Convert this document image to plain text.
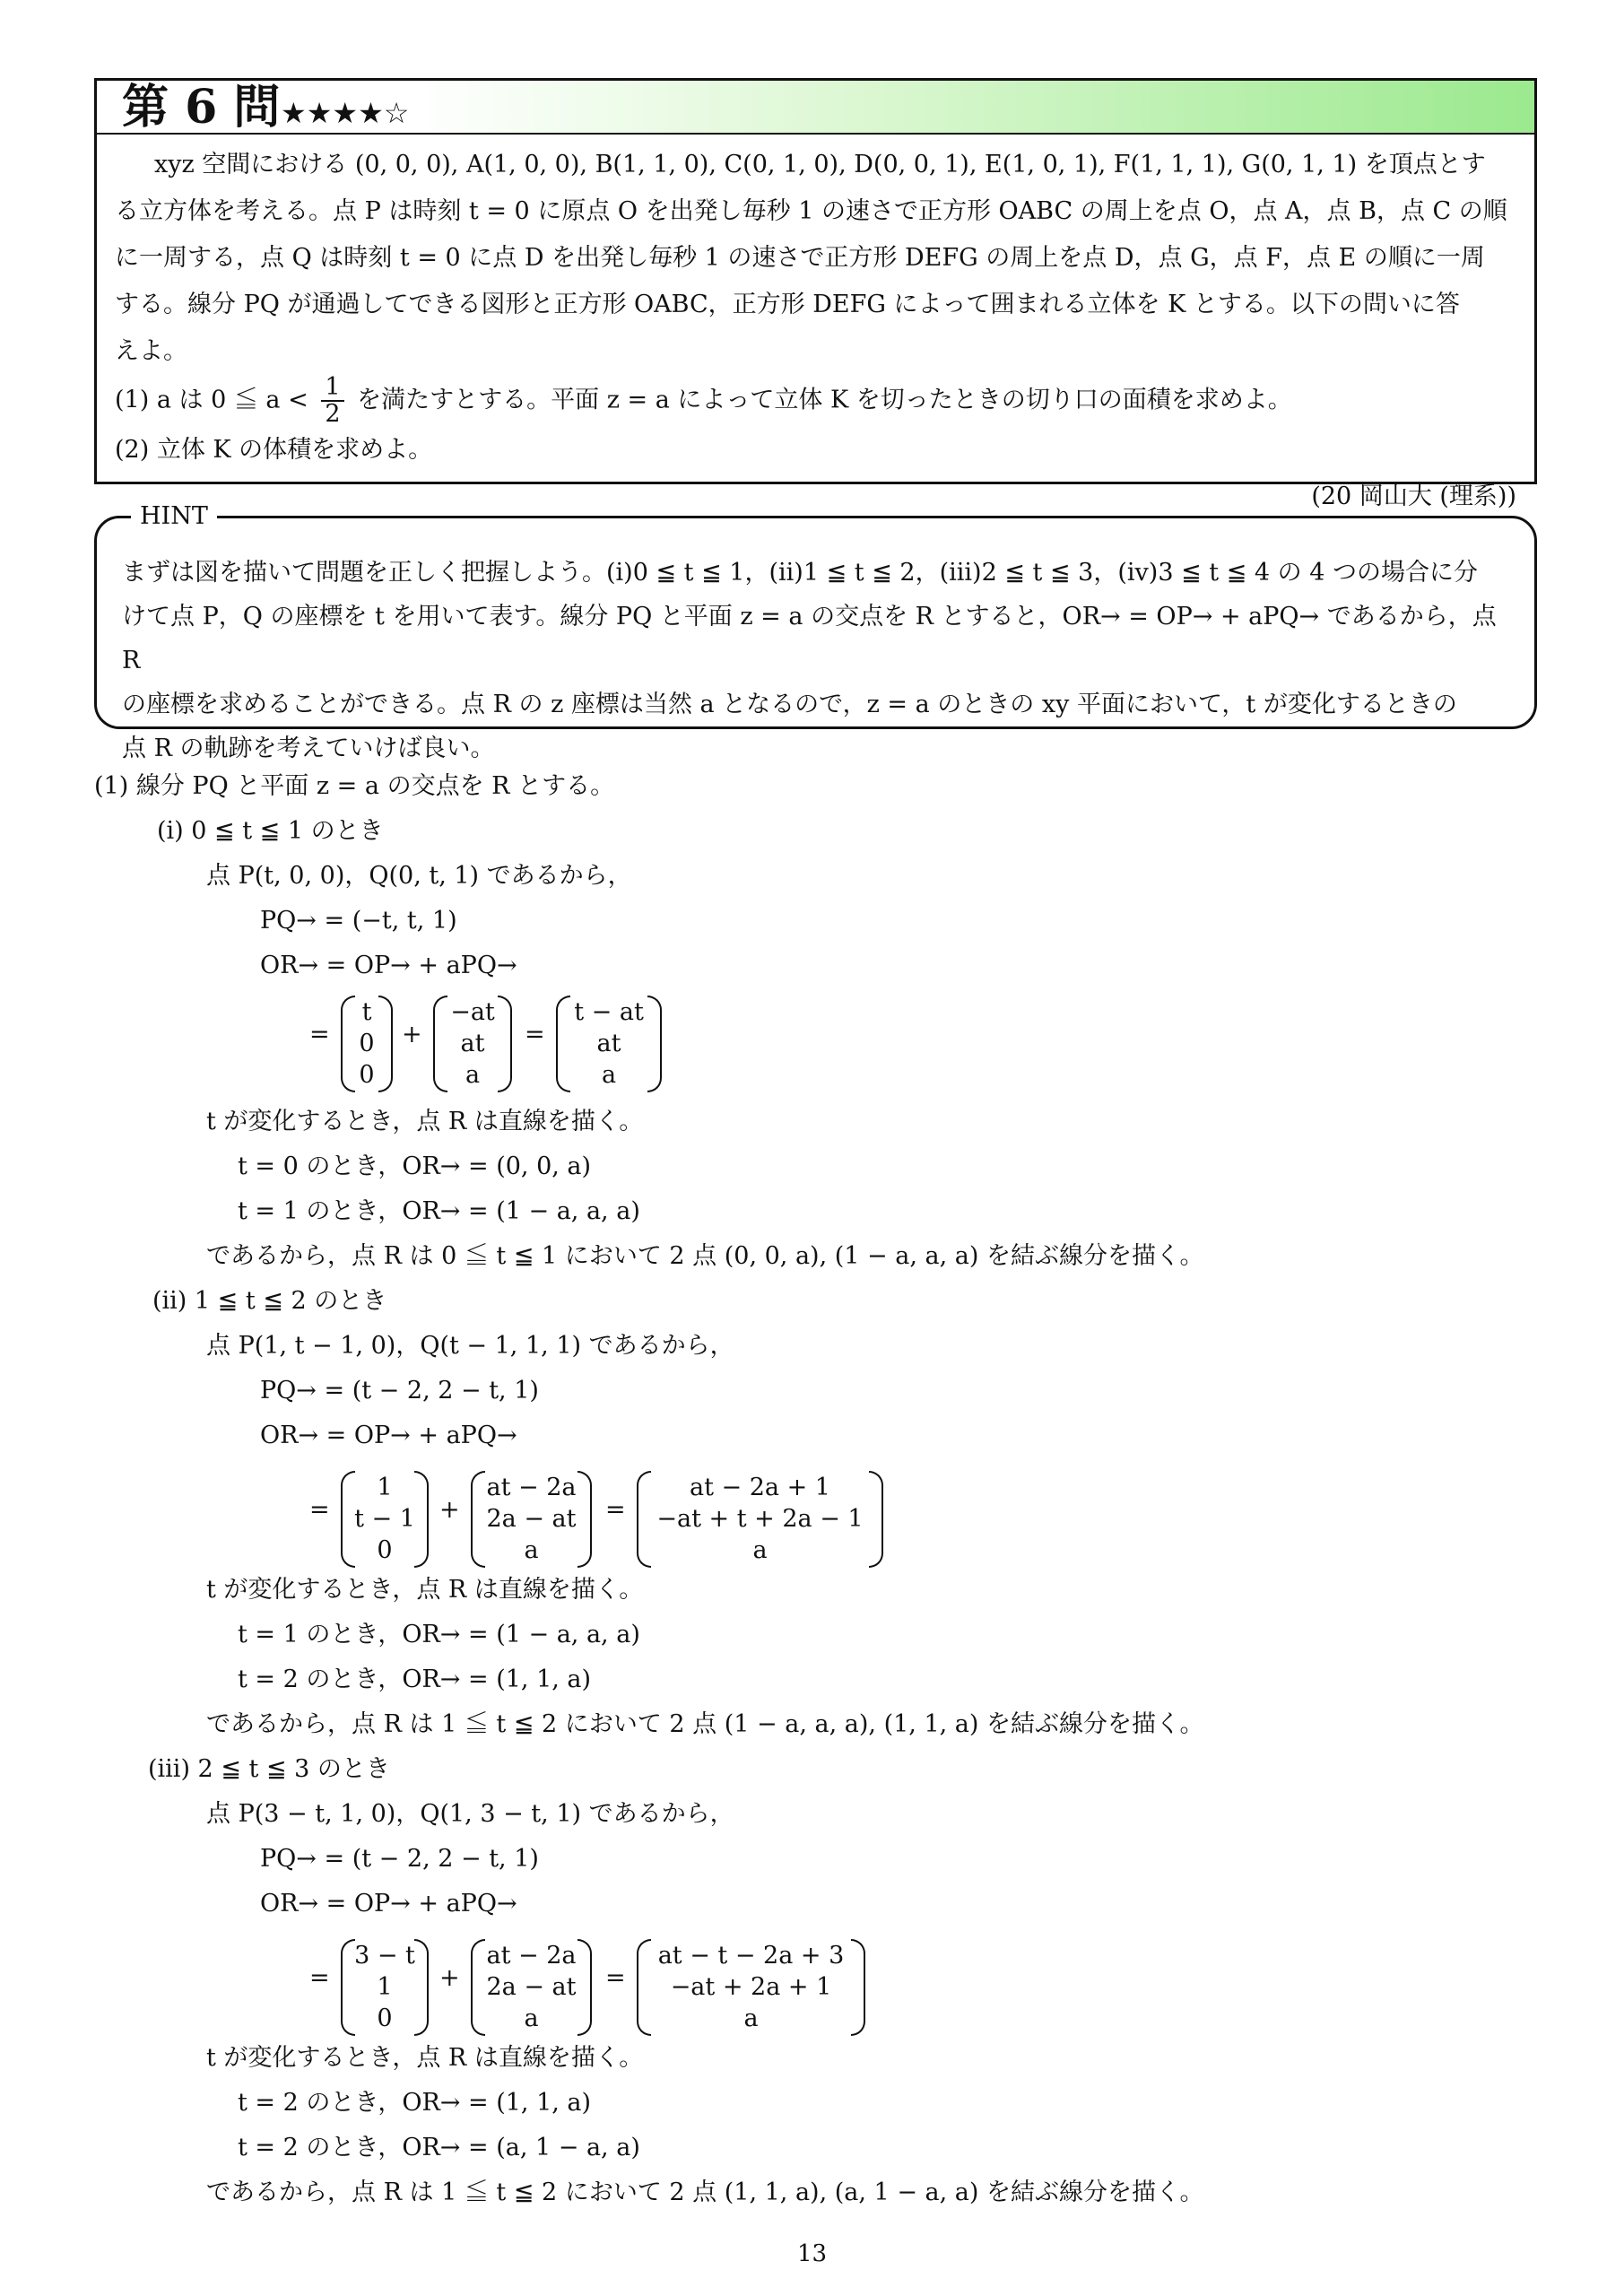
第 6 問 ★★★★☆

xyz 空間における (0, 0, 0), A(1, 0, 0), B(1, 1, 0), C(0, 1, 0), D(0, 0, 1), E(1, 0, 1), F(1, 1, 1), G(0, 1, 1) を頂点とす

る立方体を考える。点 P は時刻 t = 0 に原点 O を出発し毎秒 1 の速さで正方形 OABC の周上を点 O，点 A，点 B，点 C の順

に一周する，点 Q は時刻 t = 0 に点 D を出発し毎秒 1 の速さで正方形 DEFG の周上を点 D，点 G，点 F，点 E の順に一周

する。線分 PQ が通過してできる図形と正方形 OABC，正方形 DEFG によって囲まれる立体を K とする。以下の問いに答

えよ。

(1) a は 0 ≦ $a < \frac{1}{2}$ を満たすとする。平面 z = a によって立体 K を切ったときの切り口の面積を求めよ。

(2) 立体 K の体積を求めよ。

(20 岡山大 (理系))

HINT
まずは図を描いて問題を正しく把握しよう。(i)0 ≦ t ≦ 1，(ii)1 ≦ t ≦ 2，(iii)2 ≦ t ≦ 3，(iv)3 ≦ t ≦ 4 の 4 つの場合に分
けて点 P，Q の座標を t を用いて表す。線分 PQ と平面 z = a の交点を R とすると，OR→ = OP→ + aPQ→ であるから，点 R
の座標を求めることができる。点 R の z 座標は当然 a となるので，z = a のときの xy 平面において，t が変化するときの
点 R の軌跡を考えていけば良い。
(1) 線分 PQ と平面 z = a の交点を R とする。
(i) 0 ≦ t ≦ 1 のとき
点 P(t, 0, 0)，Q(0, t, 1) であるから，
PQ→ = (−t, t, 1)
OR→ = OP→ + aPQ→
=
t
0
0
+
−at
at
a
=
t − at
at
a
t が変化するとき，点 R は直線を描く。
t = 0 のとき，OR→ = (0, 0, a)
t = 1 のとき，OR→ = (1 − a, a, a)
であるから，点 R は 0 ≦ t ≦ 1 において 2 点 (0, 0, a), (1 − a, a, a) を結ぶ線分を描く。
(ii) 1 ≦ t ≦ 2 のとき
点 P(1, t − 1, 0)，Q(t − 1, 1, 1) であるから，
PQ→ = (t − 2, 2 − t, 1)
OR→ = OP→ + aPQ→
=
1
t − 1
0
+
at − 2a
2a − at
a
=
at − 2a + 1
−at + t + 2a − 1
a
t が変化するとき，点 R は直線を描く。
t = 1 のとき，OR→ = (1 − a, a, a)
t = 2 のとき，OR→ = (1, 1, a)
であるから，点 R は 1 ≦ t ≦ 2 において 2 点 (1 − a, a, a), (1, 1, a) を結ぶ線分を描く。
(iii) 2 ≦ t ≦ 3 のとき
点 P(3 − t, 1, 0)，Q(1, 3 − t, 1) であるから，
PQ→ = (t − 2, 2 − t, 1)
OR→ = OP→ + aPQ→
=
3 − t
1
0
+
at − 2a
2a − at
a
=
at − t − 2a + 3
−at + 2a + 1
a
t が変化するとき，点 R は直線を描く。
t = 2 のとき，OR→ = (1, 1, a)
t = 2 のとき，OR→ = (a, 1 − a, a)
であるから，点 R は 1 ≦ t ≦ 2 において 2 点 (1, 1, a), (a, 1 − a, a) を結ぶ線分を描く。
13
